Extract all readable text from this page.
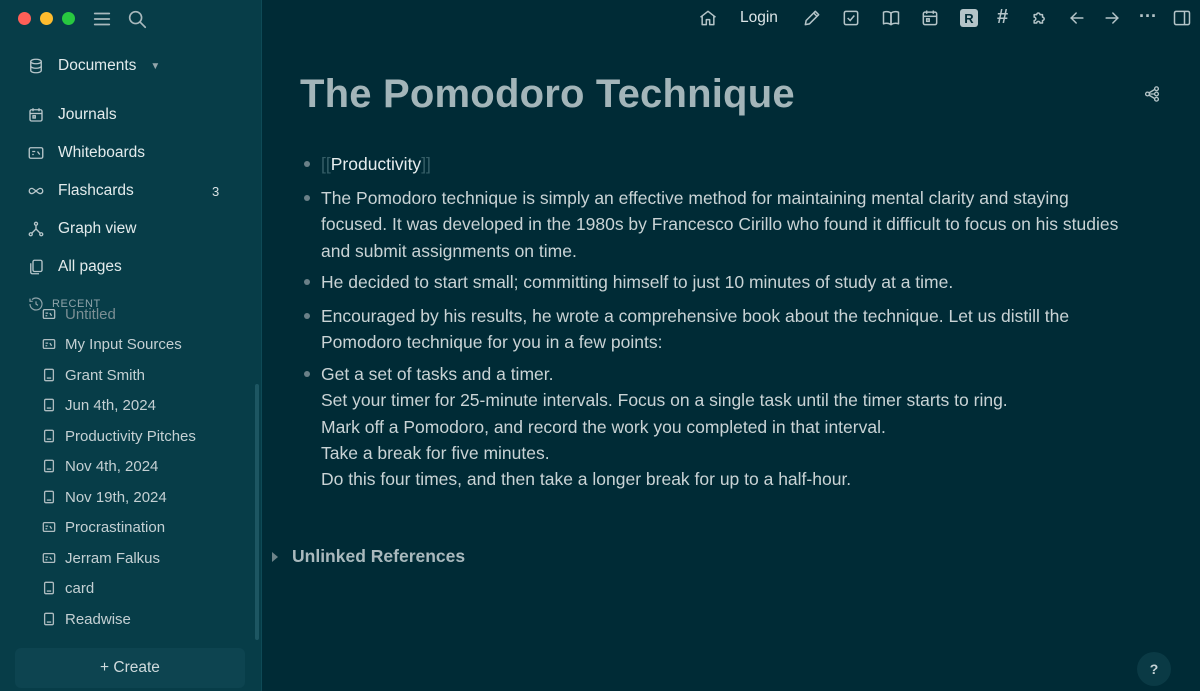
Documents ▼
Journals
Whiteboards
Flashcards	3
Graph view
All pages
RECENT
Untitled
My Input Sources
Grant Smith
Jun 4th, 2024
Productivity Pitches
Nov 4th, 2024
Nov 19th, 2024
Procrastination
Jerram Falkus
card
Readwise
+ Create
Login	R #	···
The Pomodoro Technique
[[Productivity]]
The Pomodoro technique is simply an effective method for maintaining mental clarity and staying focused. It was developed in the 1980s by Francesco Cirillo who found it difficult to focus on his studies and submit assignments on time.
He decided to start small; committing himself to just 10 minutes of study at a time.
Encouraged by his results, he wrote a comprehensive book about the technique. Let us distill the Pomodoro technique for you in a few points:
Get a set of tasks and a timer.
Set your timer for 25-minute intervals. Focus on a single task until the timer starts to ring.
Mark off a Pomodoro, and record the work you completed in that interval.
Take a break for five minutes.
Do this four times, and then take a longer break for up to a half-hour.
Unlinked References
?
